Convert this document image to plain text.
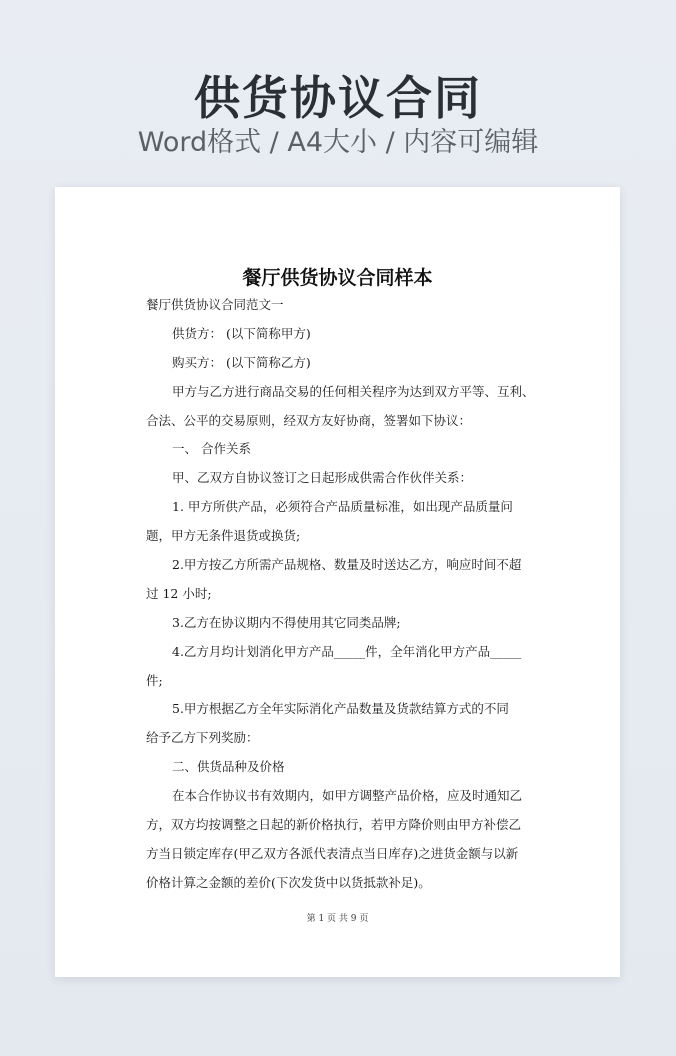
供货协议合同
Word格式 / A4大小 / 内容可编辑
餐厅供货协议合同样本
餐厅供货协议合同范文一
供货方： (以下简称甲方)
购买方： (以下简称乙方)
甲方与乙方进行商品交易的任何相关程序为达到双方平等、互利、
合法、公平的交易原则，经双方友好协商，签署如下协议：
一、 合作关系
甲、乙双方自协议签订之日起形成供需合作伙伴关系：
1. 甲方所供产品，必须符合产品质量标准，如出现产品质量问
题，甲方无条件退货或换货;
2.甲方按乙方所需产品规格、数量及时送达乙方，响应时间不超
过 12 小时;
3.乙方在协议期内不得使用其它同类品牌;
4.乙方月均计划消化甲方产品_____件，全年消化甲方产品_____
件;
5.甲方根据乙方全年实际消化产品数量及货款结算方式的不同
给予乙方下列奖励：
二、供货品种及价格
在本合作协议书有效期内，如甲方调整产品价格，应及时通知乙
方，双方均按调整之日起的新价格执行，若甲方降价则由甲方补偿乙
方当日锁定库存(甲乙双方各派代表清点当日库存)之进货金额与以新
价格计算之金额的差价(下次发货中以货抵款补足)。
第 1 页 共 9 页
